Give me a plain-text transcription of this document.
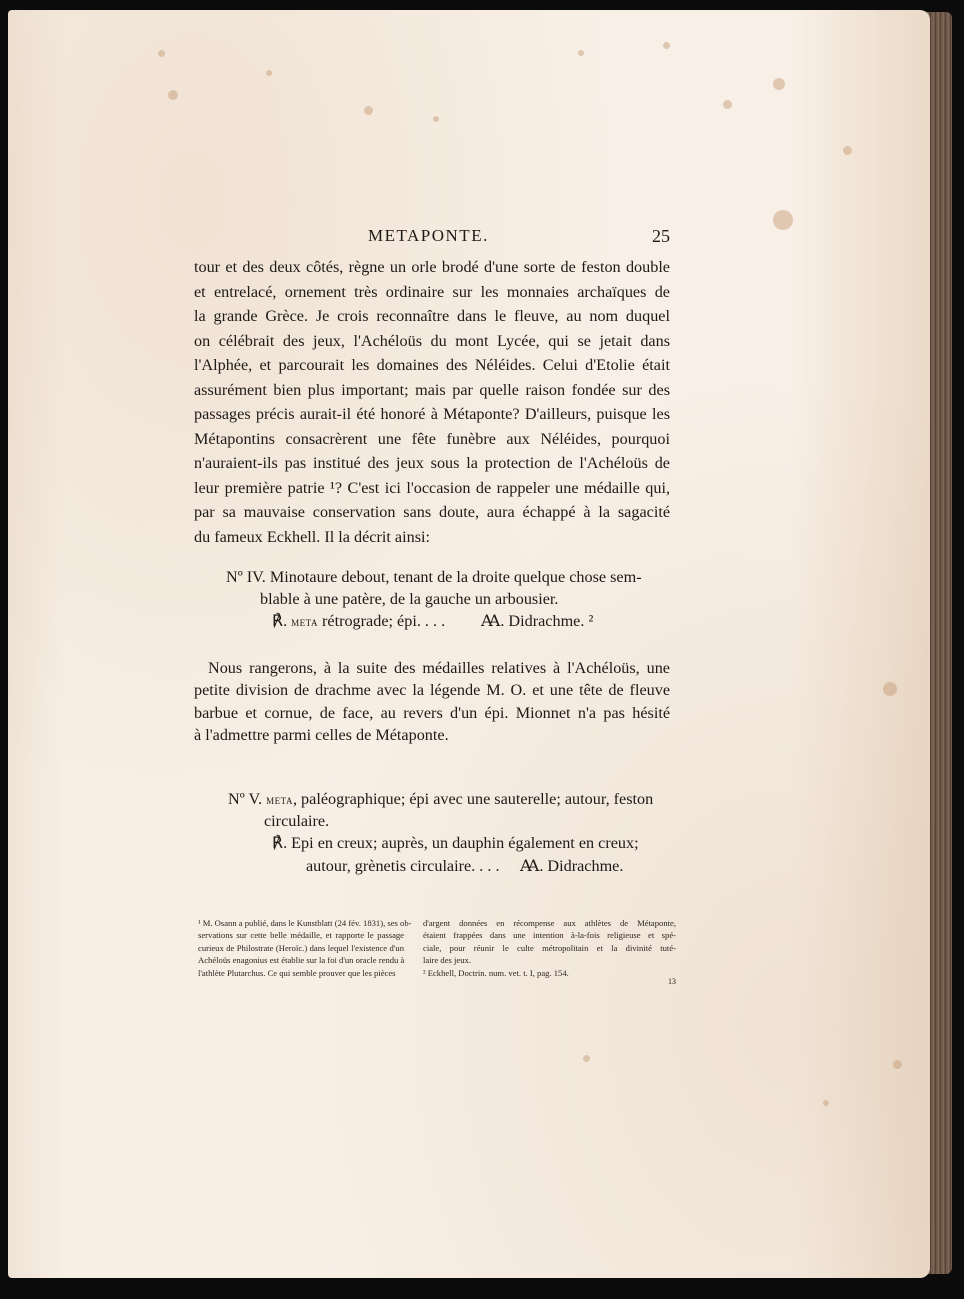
METAPONTE.	25
tour et des deux côtés, règne un orle brodé d'une sorte de feston double
et entrelacé, ornement très ordinaire sur les monnaies archaïques de
la grande Grèce. Je crois reconnaître dans le fleuve, au nom duquel
on célébrait des jeux, l'Achéloüs du mont Lycée, qui se jetait dans
l'Alphée, et parcourait les domaines des Néléides. Celui d'Etolie était
assurément bien plus important; mais par quelle raison fondée sur des
passages précis aurait-il été honoré à Métaponte? D'ailleurs, puisque les
Métapontins consacrèrent une fête funèbre aux Néléides, pourquoi
n'auraient-ils pas institué des jeux sous la protection de l'Achéloüs de
leur première patrie ¹? C'est ici l'occasion de rappeler une médaille qui,
par sa mauvaise conservation sans doute, aura échappé à la sagacité
du fameux Eckhell. Il la décrit ainsi:
Nº IV. Minotaure debout, tenant de la droite quelque chose sem-
blable à une patère, de la gauche un arbousier.
℟. meta rétrograde; épi. . . . Ꜳ. Didrachme. ²
Nous rangerons, à la suite des médailles relatives à l'Achéloüs, une
petite division de drachme avec la légende M. O. et une tête de fleuve
barbue et cornue, de face, au revers d'un épi. Mionnet n'a pas hésité
à l'admettre parmi celles de Métaponte.
Nº V. meta, paléographique; épi avec une sauterelle; autour, feston
circulaire.
℟. Epi en creux; auprès, un dauphin également en creux;
autour, grènetis circulaire. . . . Ꜳ. Didrachme.
¹ M. Osann a publié, dans le Kunstblatt (24 fév. 1831), ses ob-
servations sur cette belle médaille, et rapporte le passage
curieux de Philostrate (Heroïc.) dans lequel l'existence d'un
Achéloüs enagonius est établie sur la foi d'un oracle rendu à
l'athlète Plutarchus. Ce qui semble prouver que les pièces
d'argent données en récompense aux athlètes de Métaponte,
étaient frappées dans une intention à-la-fois religieuse et spé-
ciale, pour réunir le culte métropolitain et la divinité tuté-
laire des jeux.
² Eckhell, Doctrin. num. vet. t. I, pag. 154.
13
